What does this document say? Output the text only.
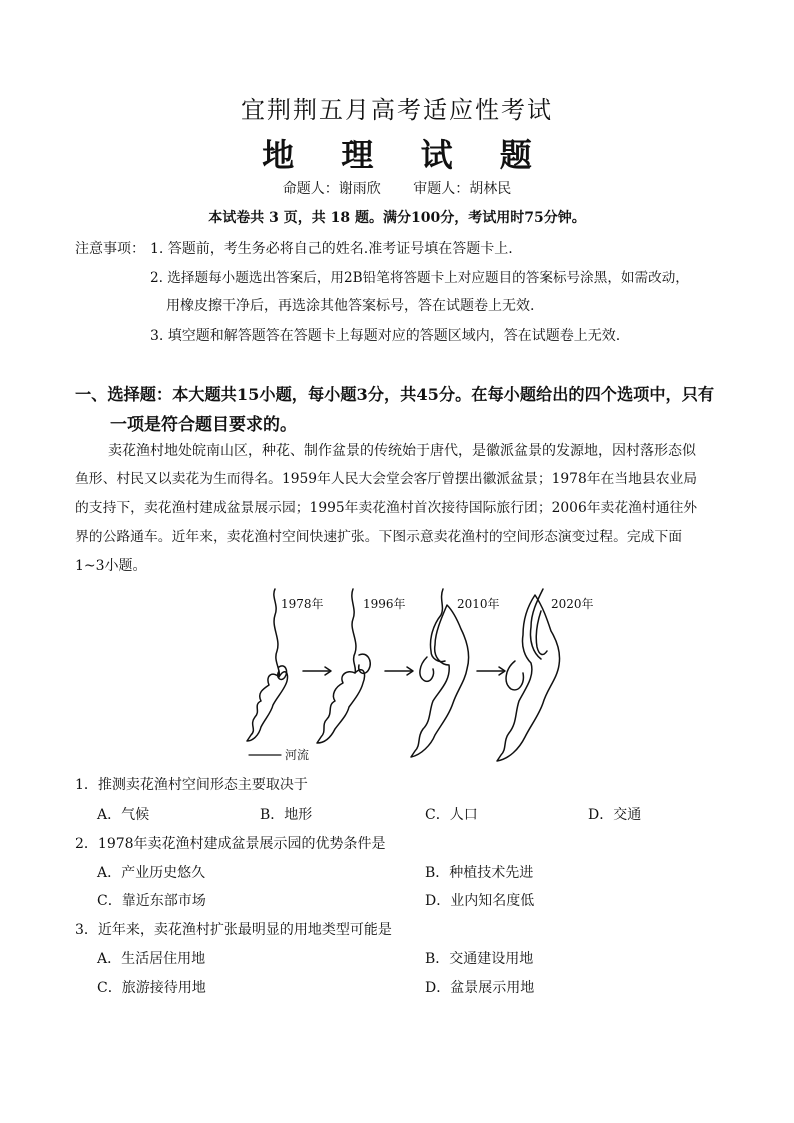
宜荆荆五月高考适应性考试
地 理 试 题
命题人：谢雨欣 审题人：胡林民
本试卷共 3 页，共 18 题。满分100分，考试用时75分钟。
注意事项： 1. 答题前，考生务必将自己的姓名.准考证号填在答题卡上.
2. 选择题每小题选出答案后，用2B铅笔将答题卡上对应题目的答案标号涂黑，如需改动，
用橡皮擦干净后，再选涂其他答案标号，答在试题卷上无效.
3. 填空题和解答题答在答题卡上每题对应的答题区域内，答在试题卷上无效.
一、选择题：本大题共15小题，每小题3分，共45分。在每小题给出的四个选项中，只有
一项是符合题目要求的。
卖花渔村地处皖南山区，种花、制作盆景的传统始于唐代，是徽派盆景的发源地，因村落形态似
鱼形、村民又以卖花为生而得名。1959年人民大会堂会客厅曾摆出徽派盆景；1978年在当地县农业局
的支持下，卖花渔村建成盆景展示园；1995年卖花渔村首次接待国际旅行团；2006年卖花渔村通往外
界的公路通车。近年来，卖花渔村空间快速扩张。下图示意卖花渔村的空间形态演变过程。完成下面
1~3小题。
1978年	1996年	2010年	2020年
河流
1．推测卖花渔村空间形态主要取决于
A．气候	B．地形	C．人口	D．交通
2．1978年卖花渔村建成盆景展示园的优势条件是
A．产业历史悠久	B．种植技术先进
C．靠近东部市场	D．业内知名度低
3．近年来，卖花渔村扩张最明显的用地类型可能是
A．生活居住用地	B．交通建设用地
C．旅游接待用地	D．盆景展示用地
